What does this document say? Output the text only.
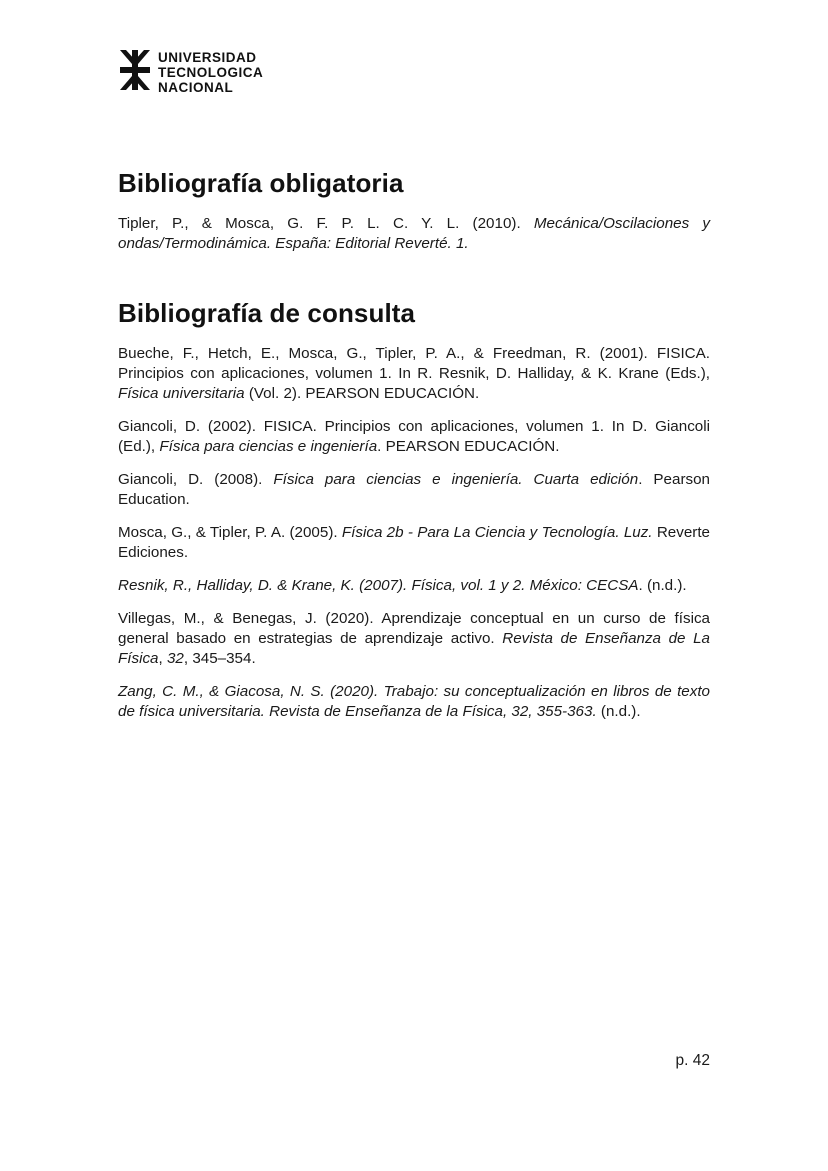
UNIVERSIDAD
TECNOLOGICA
NACIONAL
Bibliografía obligatoria

Tipler, P., & Mosca, G. F. P. L. C. Y. L. (2010). Mecánica/Oscilaciones y ondas/Termodinámica. España: Editorial Reverté. 1.

Bibliografía de consulta

Bueche, F., Hetch, E., Mosca, G., Tipler, P. A., & Freedman, R. (2001). FISICA. Principios con aplicaciones, volumen 1. In R. Resnik, D. Halliday, & K. Krane (Eds.), Física universitaria (Vol. 2). PEARSON EDUCACIÓN.

Giancoli, D. (2002). FISICA. Principios con aplicaciones, volumen 1. In D. Giancoli (Ed.), Física para ciencias e ingeniería. PEARSON EDUCACIÓN.

Giancoli, D. (2008). Física para ciencias e ingeniería. Cuarta edición. Pearson Education.

Mosca, G., & Tipler, P. A. (2005). Física 2b - Para La Ciencia y Tecnología. Luz. Reverte Ediciones.

Resnik, R., Halliday, D. & Krane, K. (2007). Física, vol. 1 y 2. México: CECSA. (n.d.).

Villegas, M., & Benegas, J. (2020). Aprendizaje conceptual en un curso de física general basado en estrategias de aprendizaje activo. Revista de Enseñanza de La Física, 32, 345–354.

Zang, C. M., & Giacosa, N. S. (2020). Trabajo: su conceptualización en libros de texto de física universitaria. Revista de Enseñanza de la Física, 32, 355-363. (n.d.).

p. 42
